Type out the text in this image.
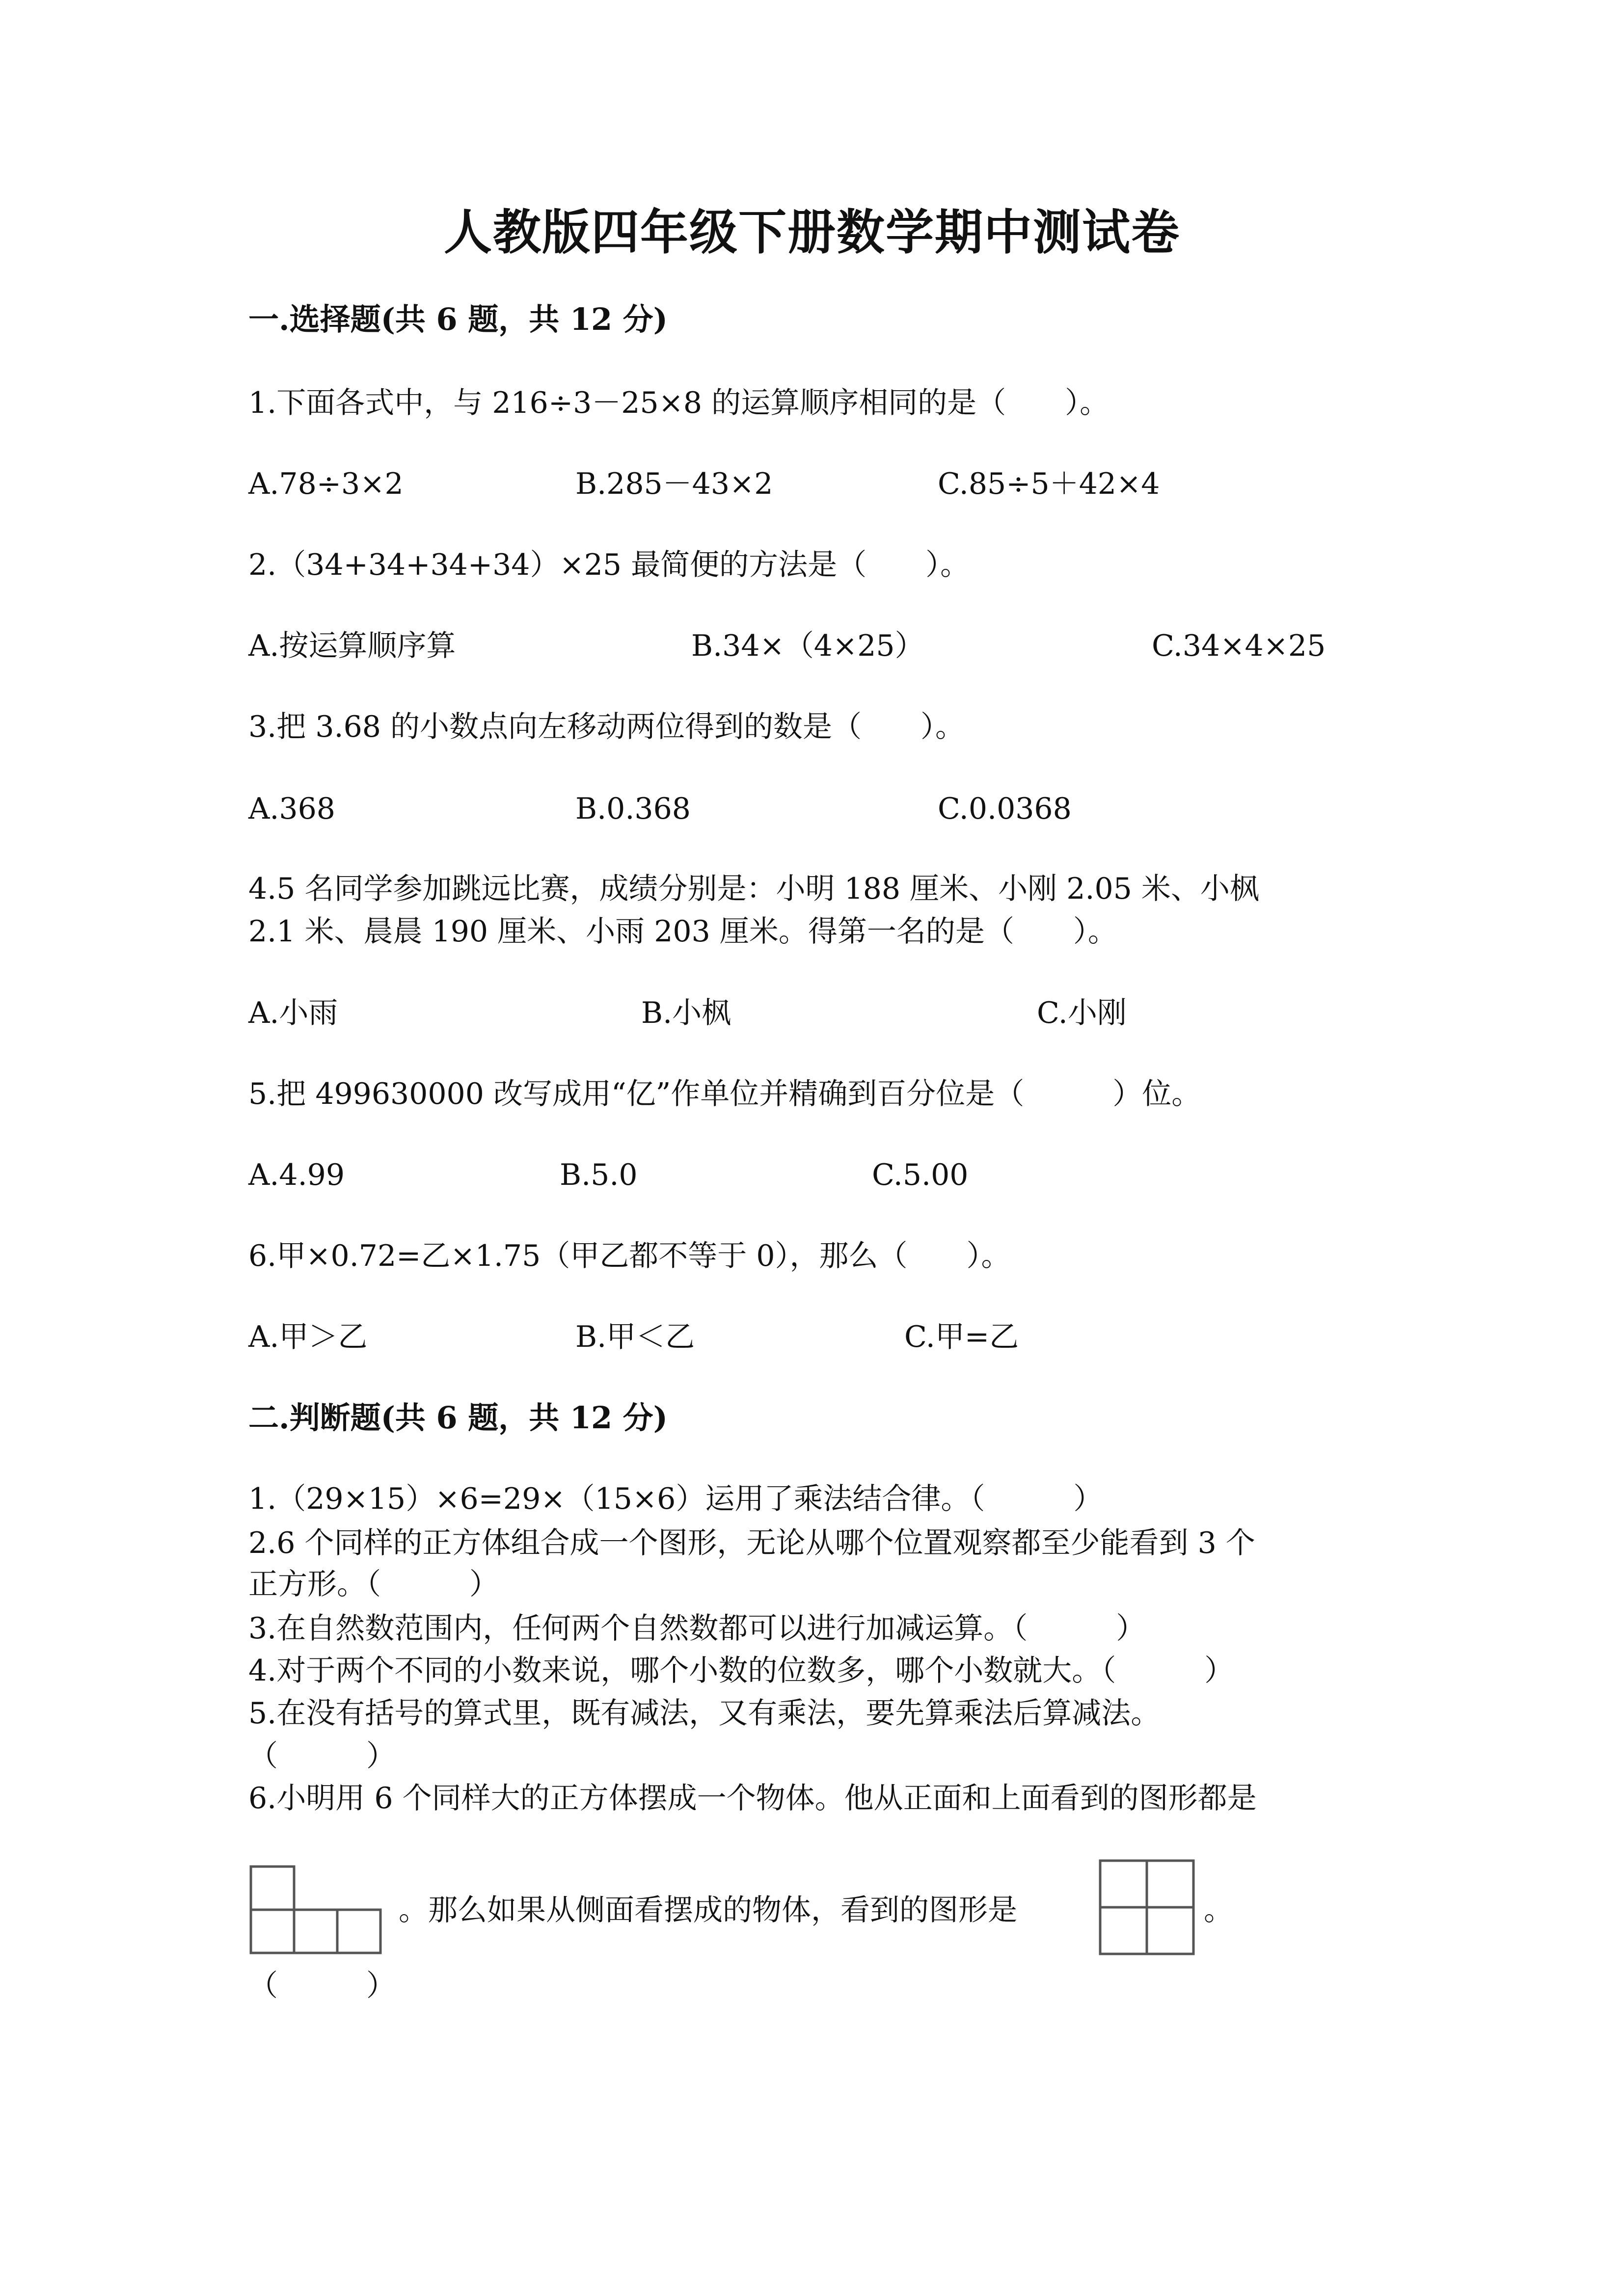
人教版四年级下册数学期中测试卷
一.选择题(共 6 题，共 12 分)
1.下面各式中，与 216÷3－25×8 的运算顺序相同的是（　　）。
A.78÷3×2	B.285－43×2	C.85÷5＋42×4
2.（34+34+34+34）×25 最简便的方法是（　　）。
A.按运算顺序算	B.34×（4×25）	C.34×4×25
3.把 3.68 的小数点向左移动两位得到的数是（　　）。
A.368	B.0.368	C.0.0368
4.5 名同学参加跳远比赛，成绩分别是：小明 188 厘米、小刚 2.05 米、小枫
2.1 米、晨晨 190 厘米、小雨 203 厘米。得第一名的是（　　）。
A.小雨	B.小枫	C.小刚
5.把 499630000 改写成用“亿”作单位并精确到百分位是（　　　）位。
A.4.99	B.5.0	C.5.00
6.甲×0.72=乙×1.75（甲乙都不等于 0），那么（　　）。
A.甲＞乙	B.甲＜乙	C.甲=乙
二.判断题(共 6 题，共 12 分)
1.（29×15）×6=29×（15×6）运用了乘法结合律。（　　　）
2.6 个同样的正方体组合成一个图形，无论从哪个位置观察都至少能看到 3 个
正方形。（　　　）
3.在自然数范围内，任何两个自然数都可以进行加减运算。（　　　）
4.对于两个不同的小数来说，哪个小数的位数多，哪个小数就大。（　　　）
5.在没有括号的算式里，既有减法，又有乘法，要先算乘法后算减法。
（　　　）
6.小明用 6 个同样大的正方体摆成一个物体。他从正面和上面看到的图形都是
。那么如果从侧面看摆成的物体，看到的图形是	。
（　　　）
